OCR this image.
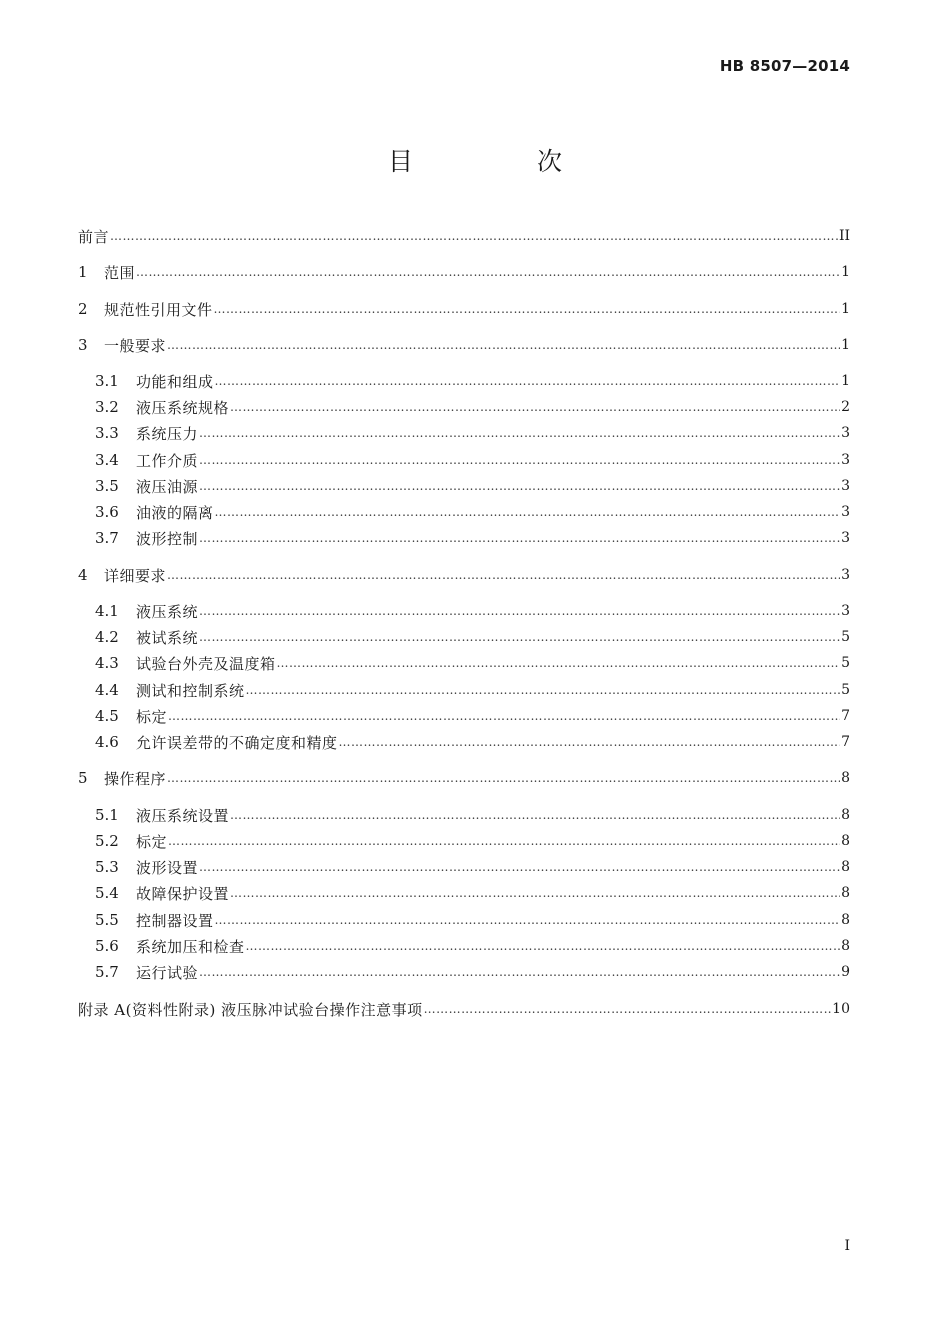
HB 8507—2014
目 次
前言 …………………………………………………………………………………………………………………………………………………………………………………………………………………………	II
1	范围 …………………………………………………………………………………………………………………………………………………………………………………………………………………………	1
2	规范性引用文件 …………………………………………………………………………………………………………………………………………………………………………………………………………………………	1
3	一般要求 …………………………………………………………………………………………………………………………………………………………………………………………………………………………	1
3.1	功能和组成 …………………………………………………………………………………………………………………………………………………………………………………………………………………………	1
3.2	液压系统规格 …………………………………………………………………………………………………………………………………………………………………………………………………………………………	2
3.3	系统压力 …………………………………………………………………………………………………………………………………………………………………………………………………………………………	3
3.4	工作介质 …………………………………………………………………………………………………………………………………………………………………………………………………………………………	3
3.5	液压油源 …………………………………………………………………………………………………………………………………………………………………………………………………………………………	3
3.6	油液的隔离 …………………………………………………………………………………………………………………………………………………………………………………………………………………………	3
3.7	波形控制 …………………………………………………………………………………………………………………………………………………………………………………………………………………………	3
4	详细要求 …………………………………………………………………………………………………………………………………………………………………………………………………………………………	3
4.1	液压系统 …………………………………………………………………………………………………………………………………………………………………………………………………………………………	3
4.2	被试系统 …………………………………………………………………………………………………………………………………………………………………………………………………………………………	5
4.3	试验台外壳及温度箱 …………………………………………………………………………………………………………………………………………………………………………………………………………………………	5
4.4	测试和控制系统 …………………………………………………………………………………………………………………………………………………………………………………………………………………………	5
4.5	标定 …………………………………………………………………………………………………………………………………………………………………………………………………………………………	7
4.6	允许误差带的不确定度和精度 …………………………………………………………………………………………………………………………………………………………………………………………………………………………	7
5	操作程序 …………………………………………………………………………………………………………………………………………………………………………………………………………………………	8
5.1	液压系统设置 …………………………………………………………………………………………………………………………………………………………………………………………………………………………	8
5.2	标定 …………………………………………………………………………………………………………………………………………………………………………………………………………………………	8
5.3	波形设置 …………………………………………………………………………………………………………………………………………………………………………………………………………………………	8
5.4	故障保护设置 …………………………………………………………………………………………………………………………………………………………………………………………………………………………	8
5.5	控制器设置 …………………………………………………………………………………………………………………………………………………………………………………………………………………………	8
5.6	系统加压和检查 …………………………………………………………………………………………………………………………………………………………………………………………………………………………	8
5.7	运行试验 …………………………………………………………………………………………………………………………………………………………………………………………………………………………	9
附录 A(资料性附录) 液压脉冲试验台操作注意事项 …………………………………………………………………………………………………………………………………………………………………………………………………………………………	10
I
